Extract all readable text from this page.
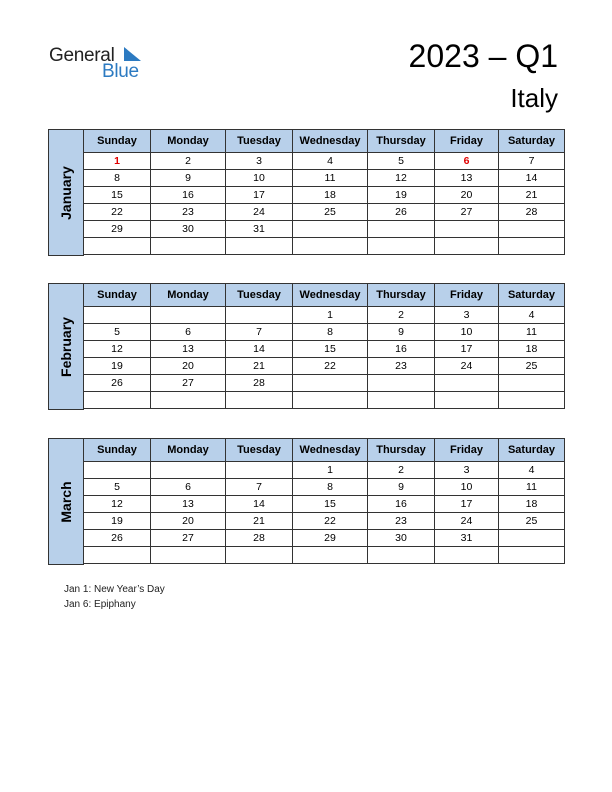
General
Blue	2023 – Q1
Italy
January
Sunday	Monday	Tuesday	Wednesday	Thursday	Friday	Saturday
1	2	3	4	5	6	7
8	9	10	11	12	13	14
15	16	17	18	19	20	21
22	23	24	25	26	27	28
29	30	31				

February
Sunday	Monday	Tuesday	Wednesday	Thursday	Friday	Saturday
			1	2	3	4
5	6	7	8	9	10	11
12	13	14	15	16	17	18
19	20	21	22	23	24	25
26	27	28				

March
Sunday	Monday	Tuesday	Wednesday	Thursday	Friday	Saturday
			1	2	3	4
5	6	7	8	9	10	11
12	13	14	15	16	17	18
19	20	21	22	23	24	25
26	27	28	29	30	31	

Jan 1: New Year’s Day
Jan 6: Epiphany
